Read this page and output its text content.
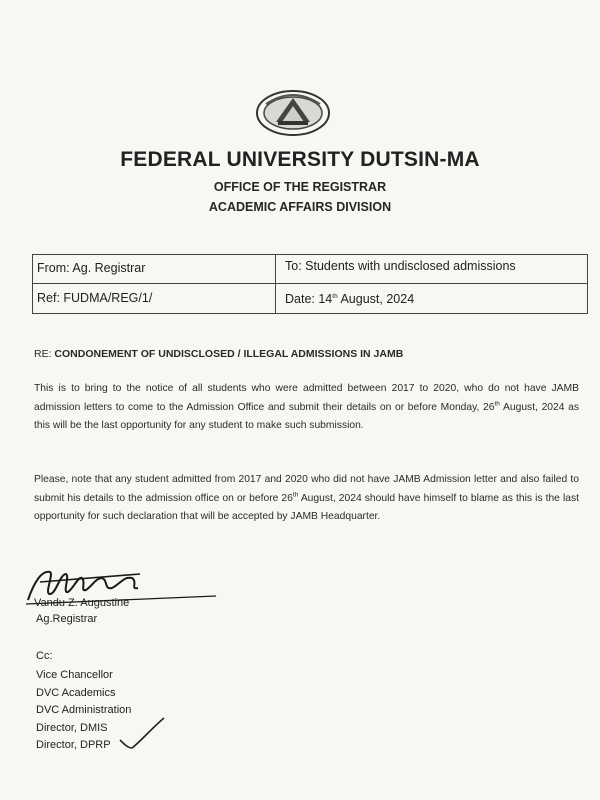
FEDERAL UNIVERSITY DUTSIN-MA
OFFICE OF THE REGISTRAR
ACADEMIC AFFAIRS DIVISION
From: Ag. Registrar	To: Students with undisclosed admissions
Ref: FUDMA/REG/1/	Date: 14th August, 2024
RE: CONDONEMENT OF UNDISCLOSED / ILLEGAL ADMISSIONS IN JAMB
This is to bring to the notice of all students who were admitted between 2017 to 2020, who do not have JAMB admission letters to come to the Admission Office and submit their details on or before Monday, 26th August, 2024 as this will be the last opportunity for any student to make such submission.
Please, note that any student admitted from 2017 and 2020 who did not have JAMB Admission letter and also failed to submit his details to the admission office on or before 26th August, 2024 should have himself to blame as this is the last opportunity for such declaration that will be accepted by JAMB Headquarter.
Vandu Z. Augustine
Ag.Registrar
Cc:
Vice Chancellor
DVC Academics
DVC Administration
Director, DMIS
Director, DPRP
